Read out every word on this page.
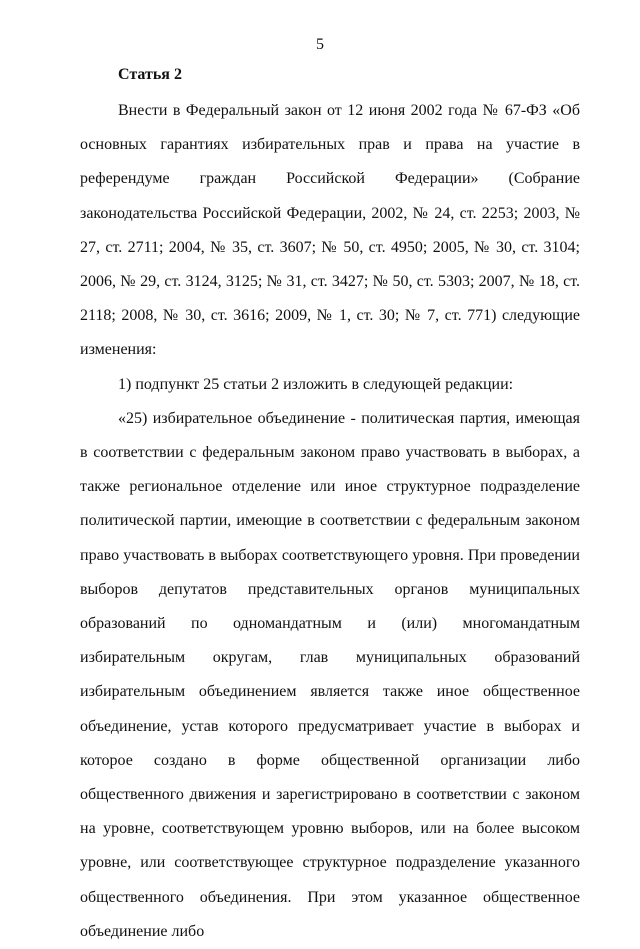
5
Статья 2

Внести в Федеральный закон от 12 июня 2002 года № 67-ФЗ «Об основных гарантиях избирательных прав и права на участие в референдуме граждан Российской Федерации» (Собрание законодательства Российской Федерации, 2002, № 24, ст. 2253; 2003, № 27, ст. 2711; 2004, № 35, ст. 3607; № 50, ст. 4950; 2005, № 30, ст. 3104; 2006, № 29, ст. 3124, 3125; № 31, ст. 3427; № 50, ст. 5303; 2007, № 18, ст. 2118; 2008, № 30, ст. 3616; 2009, № 1, ст. 30; № 7, ст. 771) следующие изменения:

1) подпункт 25 статьи 2 изложить в следующей редакции:

«25) избирательное объединение - политическая партия, имеющая в соответствии с федеральным законом право участвовать в выборах, а также региональное отделение или иное структурное подразделение политической партии, имеющие в соответствии с федеральным законом право участвовать в выборах соответствующего уровня. При проведении выборов депутатов представительных органов муниципальных образований по одномандатным и (или) многомандатным избирательным округам, глав муниципальных образований избирательным объединением является также иное общественное объединение, устав которого предусматривает участие в выборах и которое создано в форме общественной организации либо общественного движения и зарегистрировано в соответствии с законом на уровне, соответствующем уровню выборов, или на более высоком уровне, или соответствующее структурное подразделение указанного общественного объединения. При этом указанное общественное объединение либо
